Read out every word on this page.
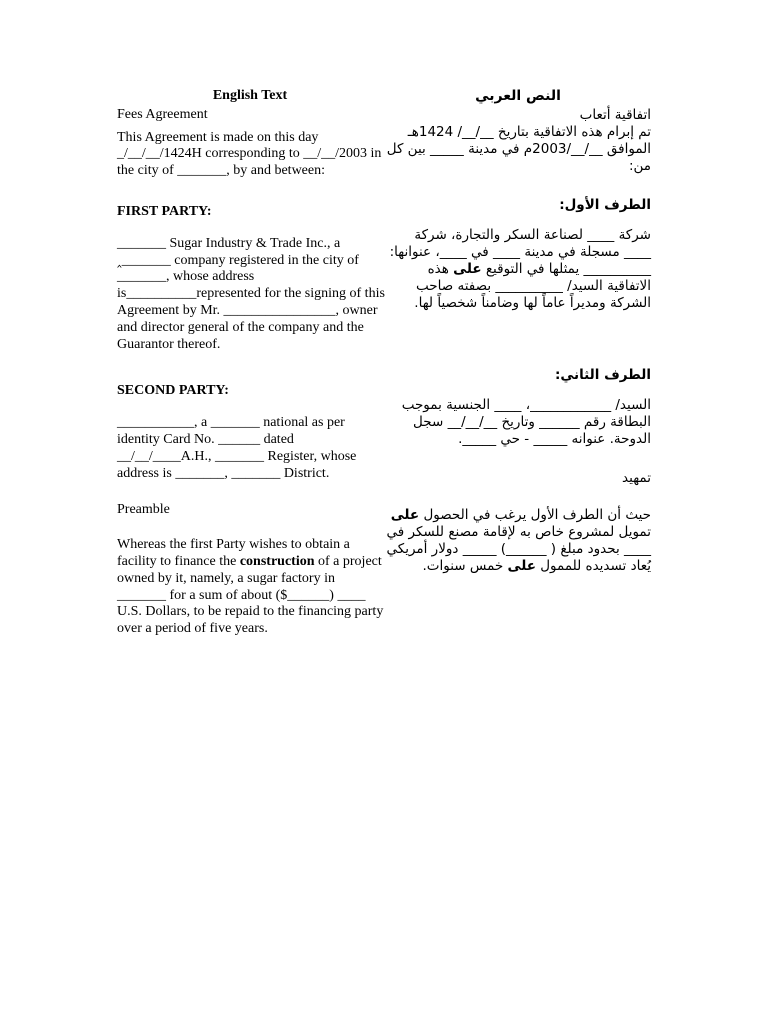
English Text

Fees Agreement

This Agreement is made on this day _/__/__/1424H corresponding to __/__/2003 in the city of _______, by and between:

FIRST PARTY:

_______ Sugar Industry & Trade Inc., a ‸_______ company registered in the city of _______, whose address is__________represented for the signing of this Agreement by Mr. ________________, owner and director general of the company and the Guarantor thereof.

SECOND PARTY:

___________, a _______ national as per identity Card No. ______ dated __/__/____A.H., _______ Register, whose address is _______, _______ District.

Preamble

Whereas the first Party wishes to obtain a facility to finance the construction of a project owned by it, namely, a sugar factory in _______ for a sum of about ($______) ____ U.S. Dollars, to be repaid to the financing party over a period of five years.

النص العربي

اتفاقية أتعاب

تم إبرام هذه الاتفاقية بتاريخ __/__/ 1424هـ الموافق __/__/2003م في مدينة _____ بين كل من:

الطرف الأول:

شركة ____ لصناعة السكر والتجارة، شركة ____ مسجلة في مدينة ____ في ____، عنوانها: __________ يمثلها في التوقيع على هذه الاتفاقية السيد/ __________ بصفته صاحب الشركة ومديراً عاماً لها وضامناً شخصياً لها.

الطرف الثاني:

السيد/ ____________، ____ الجنسية بموجب البطاقة رقم ______ وتاريخ __/__/__ سجل الدوحة. عنوانه _____ - حي _____.

تمهيد

حيث أن الطرف الأول يرغب في الحصول على تمويل لمشروع خاص به لإقامة مصنع للسكر في ____ بحدود مبلغ ( ______) _____ دولار أمريكي يُعاد تسديده للممول على خمس سنوات.
